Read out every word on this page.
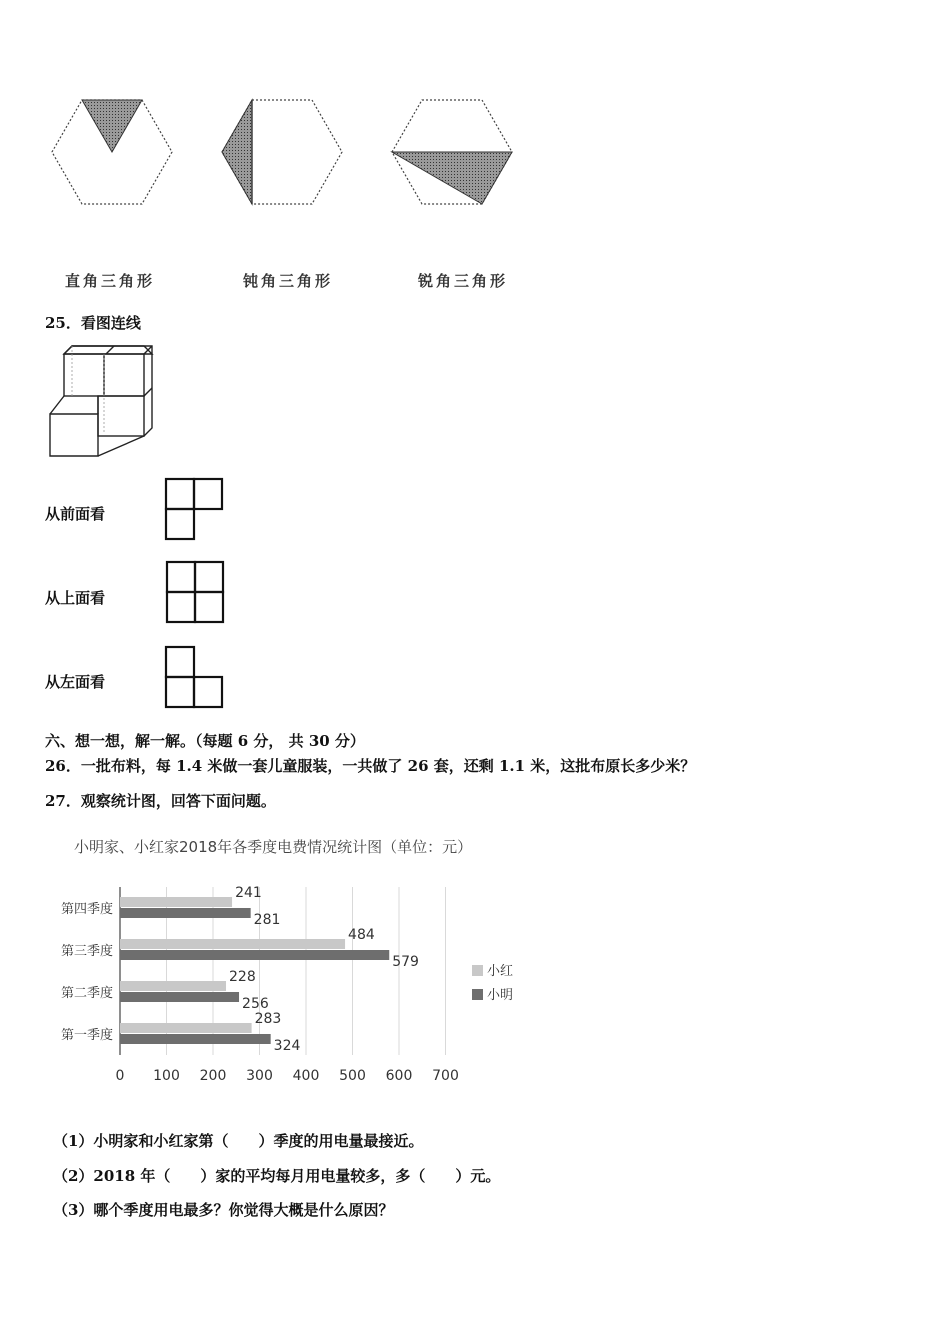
直角三角形	钝角三角形	锐角三角形
25．看图连线
从前面看
从上面看
从左面看
六、想一想，解一解。（每题 6 分， 共 30 分）
26．一批布料，每 1.4 米做一套儿童服装，一共做了 26 套，还剩 1.1 米，这批布原长多少米？
27．观察统计图，回答下面问题。
小明家、小红家2018年各季度电费情况统计图（单位：元）
0 100 200 300 400 500 600 700
第四季度
241
281
第三季度
484
579
第二季度
228
256
第一季度
283
324
小红
小明
（1）小明家和小红家第（　　）季度的用电量最接近。
（2）2018 年（　　）家的平均每月用电量较多，多（　　）元。
（3）哪个季度用电最多？你觉得大概是什么原因？
